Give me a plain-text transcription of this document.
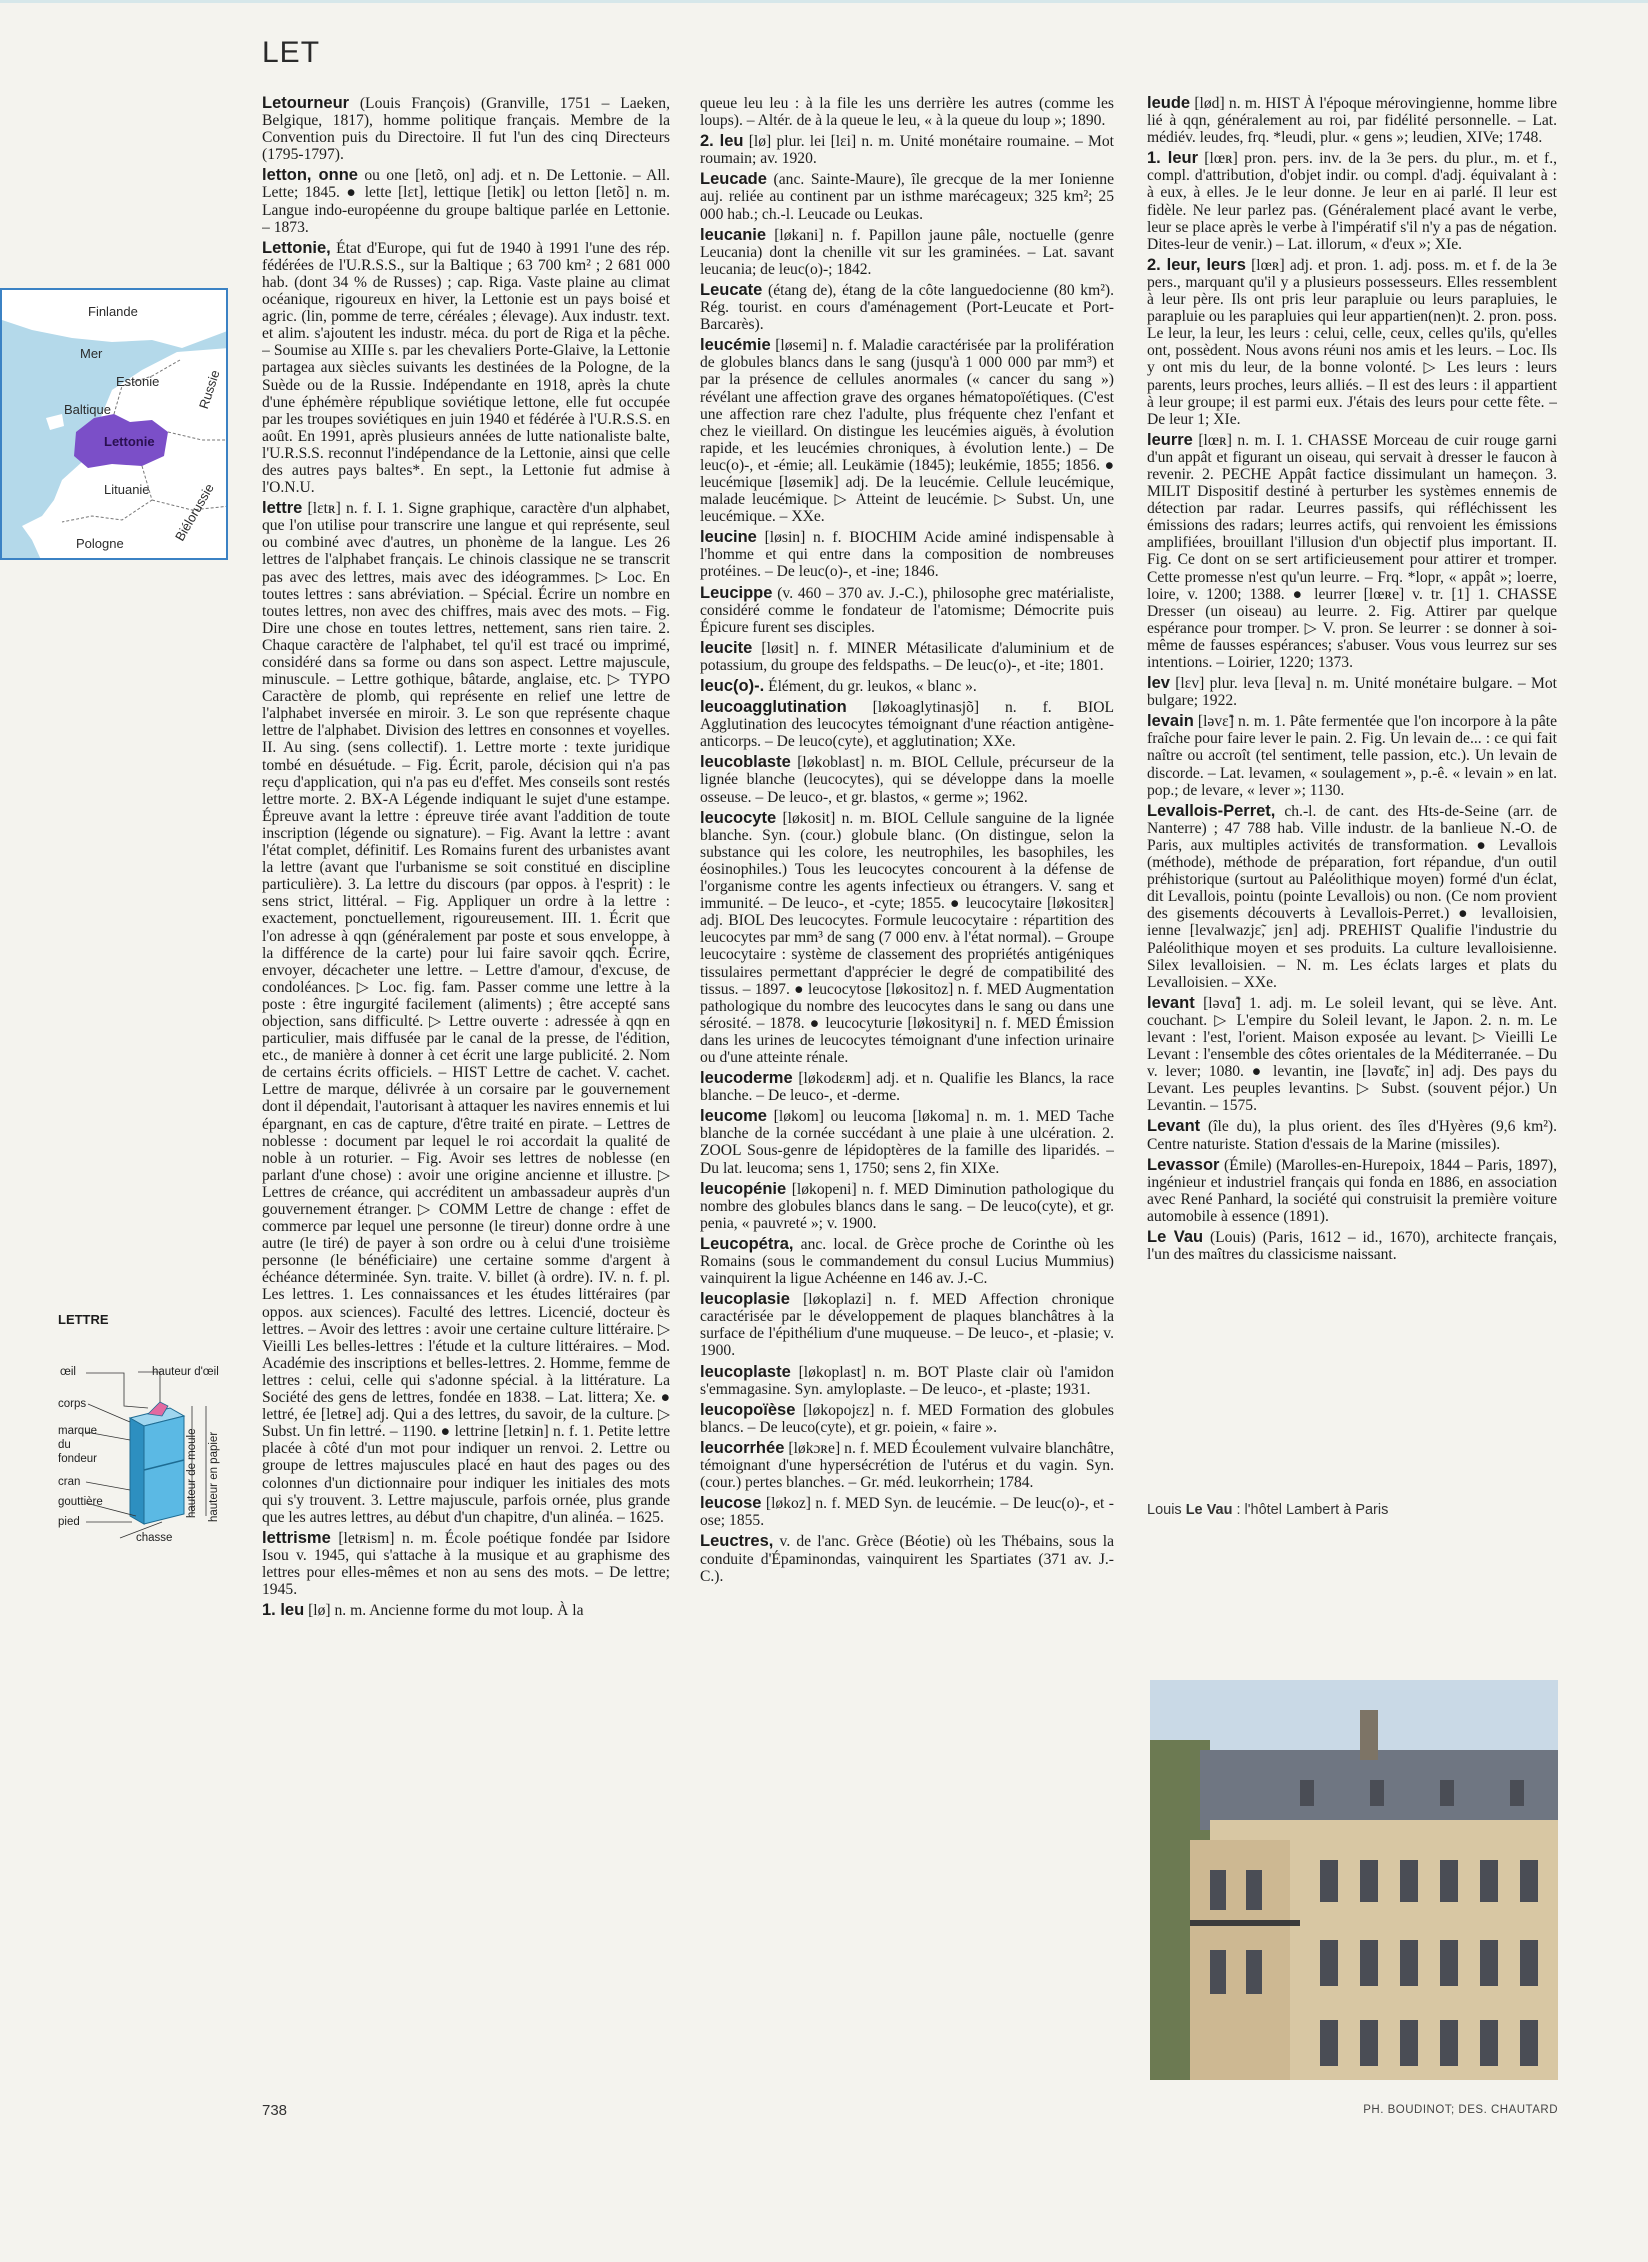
LET
Finlande
Mer
Baltique
Estonie	Russie
Lettonie
Lituanie Biélorussie
Pologne
LETTRE
œil	hauteur d'œil
corps
marque
du
fondeur
cran
gouttière
pied
chasse
hauteur de moule hauteur en papier

Letourneur (Louis François) (Granville, 1751 – Laeken, Belgique, 1817), homme politique français. Membre de la Convention puis du Directoire. Il fut l'un des cinq Directeurs (1795-1797).

letton, onne ou one [letõ, on] adj. et n. De Lettonie. – All. Lette; 1845. ● lette [lɛt], lettique [letik] ou letton [letõ] n. m. Langue indo-européenne du groupe baltique parlée en Lettonie. – 1873.

Lettonie, État d'Europe, qui fut de 1940 à 1991 l'une des rép. fédérées de l'U.R.S.S., sur la Baltique ; 63 700 km² ; 2 681 000 hab. (dont 34 % de Russes) ; cap. Riga. Vaste plaine au climat océanique, rigoureux en hiver, la Lettonie est un pays boisé et agric. (lin, pomme de terre, céréales ; élevage). Aux industr. text. et alim. s'ajoutent les industr. méca. du port de Riga et la pêche. – Soumise au XIIIe s. par les chevaliers Porte-Glaive, la Lettonie partagea aux siècles suivants les destinées de la Pologne, de la Suède ou de la Russie. Indépendante en 1918, après la chute d'une éphémère république soviétique lettone, elle fut occupée par les troupes soviétiques en juin 1940 et fédérée à l'U.R.S.S. en août. En 1991, après plusieurs années de lutte nationaliste balte, l'U.R.S.S. reconnut l'indépendance de la Lettonie, ainsi que celle des autres pays baltes*. En sept., la Lettonie fut admise à l'O.N.U.

lettre [lɛtʀ] n. f. I. 1. Signe graphique, caractère d'un alphabet, que l'on utilise pour transcrire une langue et qui représente, seul ou combiné avec d'autres, un phonème de la langue. Les 26 lettres de l'alphabet français. Le chinois classique ne se transcrit pas avec des lettres, mais avec des idéogrammes. ▷ Loc. En toutes lettres : sans abréviation. – Spécial. Écrire un nombre en toutes lettres, non avec des chiffres, mais avec des mots. – Fig. Dire une chose en toutes lettres, nettement, sans rien taire. 2. Chaque caractère de l'alphabet, tel qu'il est tracé ou imprimé, considéré dans sa forme ou dans son aspect. Lettre majuscule, minuscule. – Lettre gothique, bâtarde, anglaise, etc. ▷ TYPO Caractère de plomb, qui représente en relief une lettre de l'alphabet inversée en miroir. 3. Le son que représente chaque lettre de l'alphabet. Division des lettres en consonnes et voyelles. II. Au sing. (sens collectif). 1. Lettre morte : texte juridique tombé en désuétude. – Fig. Écrit, parole, décision qui n'a pas reçu d'application, qui n'a pas eu d'effet. Mes conseils sont restés lettre morte. 2. BX-A Légende indiquant le sujet d'une estampe. Épreuve avant la lettre : épreuve tirée avant l'addition de toute inscription (légende ou signature). – Fig. Avant la lettre : avant l'état complet, définitif. Les Romains furent des urbanistes avant la lettre (avant que l'urbanisme se soit constitué en discipline particulière). 3. La lettre du discours (par oppos. à l'esprit) : le sens strict, littéral. – Fig. Appliquer un ordre à la lettre : exactement, ponctuellement, rigoureusement. III. 1. Écrit que l'on adresse à qqn (généralement par poste et sous enveloppe, à la différence de la carte) pour lui faire savoir qqch. Écrire, envoyer, décacheter une lettre. – Lettre d'amour, d'excuse, de condoléances. ▷ Loc. fig. fam. Passer comme une lettre à la poste : être ingurgité facilement (aliments) ; être accepté sans objection, sans difficulté. ▷ Lettre ouverte : adressée à qqn en particulier, mais diffusée par le canal de la presse, de l'édition, etc., de manière à donner à cet écrit une large publicité. 2. Nom de certains écrits officiels. – HIST Lettre de cachet. V. cachet. Lettre de marque, délivrée à un corsaire par le gouvernement dont il dépendait, l'autorisant à attaquer les navires ennemis et lui épargnant, en cas de capture, d'être traité en pirate. – Lettres de noblesse : document par lequel le roi accordait la qualité de noble à un roturier. – Fig. Avoir ses lettres de noblesse (en parlant d'une chose) : avoir une origine ancienne et illustre. ▷ Lettres de créance, qui accréditent un ambassadeur auprès d'un gouvernement étranger. ▷ COMM Lettre de change : effet de commerce par lequel une personne (le tireur) donne ordre à une autre (le tiré) de payer à son ordre ou à celui d'une troisième personne (le bénéficiaire) une certaine somme d'argent à échéance déterminée. Syn. traite. V. billet (à ordre). IV. n. f. pl. Les lettres. 1. Les connaissances et les études littéraires (par oppos. aux sciences). Faculté des lettres. Licencié, docteur ès lettres. – Avoir des lettres : avoir une certaine culture littéraire. ▷ Vieilli Les belles-lettres : l'étude et la culture littéraires. – Mod. Académie des inscriptions et belles-lettres. 2. Homme, femme de lettres : celui, celle qui s'adonne spécial. à la littérature. La Société des gens de lettres, fondée en 1838. – Lat. littera; Xe. ● lettré, ée [letʀe] adj. Qui a des lettres, du savoir, de la culture. ▷ Subst. Un fin lettré. – 1190. ● lettrine [letʀin] n. f. 1. Petite lettre placée à côté d'un mot pour indiquer un renvoi. 2. Lettre ou groupe de lettres majuscules placé en haut des pages ou des colonnes d'un dictionnaire pour indiquer les initiales des mots qui s'y trouvent. 3. Lettre majuscule, parfois ornée, plus grande que les autres lettres, au début d'un chapitre, d'un alinéa. – 1625.

lettrisme [letʀism] n. m. École poétique fondée par Isidore Isou v. 1945, qui s'attache à la musique et au graphisme des lettres pour elles-mêmes et non au sens des mots. – De lettre; 1945.

1. leu [lø] n. m. Ancienne forme du mot loup. À la

queue leu leu : à la file les uns derrière les autres (comme les loups). – Altér. de à la queue le leu, « à la queue du loup »; 1890.

2. leu [lø] plur. lei [lɛi] n. m. Unité monétaire roumaine. – Mot roumain; av. 1920.

Leucade (anc. Sainte-Maure), île grecque de la mer Ionienne auj. reliée au continent par un isthme marécageux; 325 km²; 25 000 hab.; ch.-l. Leucade ou Leukas.

leucanie [løkani] n. f. Papillon jaune pâle, noctuelle (genre Leucania) dont la chenille vit sur les graminées. – Lat. savant leucania; de leuc(o)-; 1842.

Leucate (étang de), étang de la côte languedocienne (80 km²). Rég. tourist. en cours d'aménagement (Port-Leucate et Port-Barcarès).

leucémie [løsemi] n. f. Maladie caractérisée par la prolifération de globules blancs dans le sang (jusqu'à 1 000 000 par mm³) et par la présence de cellules anormales (« cancer du sang ») révélant une affection grave des organes hématopoïétiques. (C'est une affection rare chez l'adulte, plus fréquente chez l'enfant et chez le vieillard. On distingue les leucémies aiguës, à évolution rapide, et les leucémies chroniques, à évolution lente.) – De leuc(o)-, et -émie; all. Leukämie (1845); leukémie, 1855; 1856. ● leucémique [løsemik] adj. De la leucémie. Cellule leucémique, malade leucémique. ▷ Atteint de leucémie. ▷ Subst. Un, une leucémique. – XXe.

leucine [løsin] n. f. BIOCHIM Acide aminé indispensable à l'homme et qui entre dans la composition de nombreuses protéines. – De leuc(o)-, et -ine; 1846.

Leucippe (v. 460 – 370 av. J.-C.), philosophe grec matérialiste, considéré comme le fondateur de l'atomisme; Démocrite puis Épicure furent ses disciples.

leucite [løsit] n. f. MINER Métasilicate d'aluminium et de potassium, du groupe des feldspaths. – De leuc(o)-, et -ite; 1801.

leuc(o)-. Élément, du gr. leukos, « blanc ».

leucoagglutination [løkoaglytinasjõ] n. f. BIOL Agglutination des leucocytes témoignant d'une réaction antigène-anticorps. – De leuco(cyte), et agglutination; XXe.

leucoblaste [løkoblast] n. m. BIOL Cellule, précurseur de la lignée blanche (leucocytes), qui se développe dans la moelle osseuse. – De leuco-, et gr. blastos, « germe »; 1962.

leucocyte [løkosit] n. m. BIOL Cellule sanguine de la lignée blanche. Syn. (cour.) globule blanc. (On distingue, selon la substance qui les colore, les neutrophiles, les basophiles, les éosinophiles.) Tous les leucocytes concourent à la défense de l'organisme contre les agents infectieux ou étrangers. V. sang et immunité. – De leuco-, et -cyte; 1855. ● leucocytaire [løkositɛʀ] adj. BIOL Des leucocytes. Formule leucocytaire : répartition des leucocytes par mm³ de sang (7 000 env. à l'état normal). – Groupe leucocytaire : système de classement des propriétés antigéniques tissulaires permettant d'apprécier le degré de compatibilité des tissus. – 1897. ● leucocytose [løkositoz] n. f. MED Augmentation pathologique du nombre des leucocytes dans le sang ou dans une sérosité. – 1878. ● leucocyturie [løkosityʀi] n. f. MED Émission dans les urines de leucocytes témoignant d'une infection urinaire ou d'une atteinte rénale.

leucoderme [løkodɛʀm] adj. et n. Qualifie les Blancs, la race blanche. – De leuco-, et -derme.

leucome [løkom] ou leucoma [løkoma] n. m. 1. MED Tache blanche de la cornée succédant à une plaie à une ulcération. 2. ZOOL Sous-genre de lépidoptères de la famille des liparidés. – Du lat. leucoma; sens 1, 1750; sens 2, fin XIXe.

leucopénie [løkopeni] n. f. MED Diminution pathologique du nombre des globules blancs dans le sang. – De leuco(cyte), et gr. penia, « pauvreté »; v. 1900.

Leucopétra, anc. local. de Grèce proche de Corinthe où les Romains (sous le commandement du consul Lucius Mummius) vainquirent la ligue Achéenne en 146 av. J.-C.

leucoplasie [løkoplazi] n. f. MED Affection chronique caractérisée par le développement de plaques blanchâtres à la surface de l'épithélium d'une muqueuse. – De leuco-, et -plasie; v. 1900.

leucoplaste [løkoplast] n. m. BOT Plaste clair où l'amidon s'emmagasine. Syn. amyloplaste. – De leuco-, et -plaste; 1931.

leucopoïèse [løkopojɛz] n. f. MED Formation des globules blancs. – De leuco(cyte), et gr. poiein, « faire ».

leucorrhée [løkɔʀe] n. f. MED Écoulement vulvaire blanchâtre, témoignant d'une hypersécrétion de l'utérus et du vagin. Syn. (cour.) pertes blanches. – Gr. méd. leukorrhein; 1784.

leucose [løkoz] n. f. MED Syn. de leucémie. – De leuc(o)-, et -ose; 1855.

Leuctres, v. de l'anc. Grèce (Béotie) où les Thébains, sous la conduite d'Épaminondas, vainquirent les Spartiates (371 av. J.-C.).

leude [lød] n. m. HIST À l'époque mérovingienne, homme libre lié à qqn, généralement au roi, par fidélité personnelle. – Lat. médiév. leudes, frq. *leudi, plur. « gens »; leudien, XIVe; 1748.

1. leur [lœʀ] pron. pers. inv. de la 3e pers. du plur., m. et f., compl. d'attribution, d'objet indir. ou compl. d'adj. équivalant à : à eux, à elles. Je le leur donne. Je leur en ai parlé. Il leur est fidèle. Ne leur parlez pas. (Généralement placé avant le verbe, leur se place après le verbe à l'impératif s'il n'y a pas de négation. Dites-leur de venir.) – Lat. illorum, « d'eux »; XIe.

2. leur, leurs [lœʀ] adj. et pron. 1. adj. poss. m. et f. de la 3e pers., marquant qu'il y a plusieurs possesseurs. Elles ressemblent à leur père. Ils ont pris leur parapluie ou leurs parapluies, le parapluie ou les parapluies qui leur appartien(nen)t. 2. pron. poss. Le leur, la leur, les leurs : celui, celle, ceux, celles qu'ils, qu'elles ont, possèdent. Nous avons réuni nos amis et les leurs. – Loc. Ils y ont mis du leur, de la bonne volonté. ▷ Les leurs : leurs parents, leurs proches, leurs alliés. – Il est des leurs : il appartient à leur groupe; il est parmi eux. J'étais des leurs pour cette fête. – De leur 1; XIe.

leurre [lœʀ] n. m. I. 1. CHASSE Morceau de cuir rouge garni d'un appât et figurant un oiseau, qui servait à dresser le faucon à revenir. 2. PECHE Appât factice dissimulant un hameçon. 3. MILIT Dispositif destiné à perturber les systèmes ennemis de détection par radar. Leurres passifs, qui réfléchissent les émissions des radars; leurres actifs, qui renvoient les émissions amplifiées, brouillant l'illusion d'un objectif plus important. II. Fig. Ce dont on se sert artificieusement pour attirer et tromper. Cette promesse n'est qu'un leurre. – Frq. *lopr, « appât »; loerre, loire, v. 1200; 1388. ● leurrer [lœʀe] v. tr. [1] 1. CHASSE Dresser (un oiseau) au leurre. 2. Fig. Attirer par quelque espérance pour tromper. ▷ V. pron. Se leurrer : se donner à soi-même de fausses espérances; s'abuser. Vous vous leurrez sur ses intentions. – Loirier, 1220; 1373.

lev [lɛv] plur. leva [leva] n. m. Unité monétaire bulgare. – Mot bulgare; 1922.

levain [ləvɛ̃] n. m. 1. Pâte fermentée que l'on incorpore à la pâte fraîche pour faire lever le pain. 2. Fig. Un levain de... : ce qui fait naître ou accroît (tel sentiment, telle passion, etc.). Un levain de discorde. – Lat. levamen, « soulagement », p.-ê. « levain » en lat. pop.; de levare, « lever »; 1130.

Levallois-Perret, ch.-l. de cant. des Hts-de-Seine (arr. de Nanterre) ; 47 788 hab. Ville industr. de la banlieue N.-O. de Paris, aux multiples activités de transformation. ● Levallois (méthode), méthode de préparation, fort répandue, d'un outil préhistorique (surtout au Paléolithique moyen) formé d'un éclat, dit Levallois, pointu (pointe Levallois) ou non. (Ce nom provient des gisements découverts à Levallois-Perret.) ● levalloisien, ienne [levalwazjɛ̃, jɛn] adj. PREHIST Qualifie l'industrie du Paléolithique moyen et ses produits. La culture levalloisienne. Silex levalloisien. – N. m. Les éclats larges et plats du Levalloisien. – XXe.

levant [ləvɑ̃] 1. adj. m. Le soleil levant, qui se lève. Ant. couchant. ▷ L'empire du Soleil levant, le Japon. 2. n. m. Le levant : l'est, l'orient. Maison exposée au levant. ▷ Vieilli Le Levant : l'ensemble des côtes orientales de la Méditerranée. – Du v. lever; 1080. ● levantin, ine [ləvɑ̃tɛ̃, in] adj. Des pays du Levant. Les peuples levantins. ▷ Subst. (souvent péjor.) Un Levantin. – 1575.

Levant (île du), la plus orient. des îles d'Hyères (9,6 km²). Centre naturiste. Station d'essais de la Marine (missiles).

Levassor (Émile) (Marolles-en-Hurepoix, 1844 – Paris, 1897), ingénieur et industriel français qui fonda en 1886, en association avec René Panhard, la société qui construisit la première voiture automobile à essence (1891).

Le Vau (Louis) (Paris, 1612 – id., 1670), architecte français, l'un des maîtres du classicisme naissant.

Louis Le Vau : l'hôtel Lambert à Paris
738	PH. BOUDINOT; DES. CHAUTARD
